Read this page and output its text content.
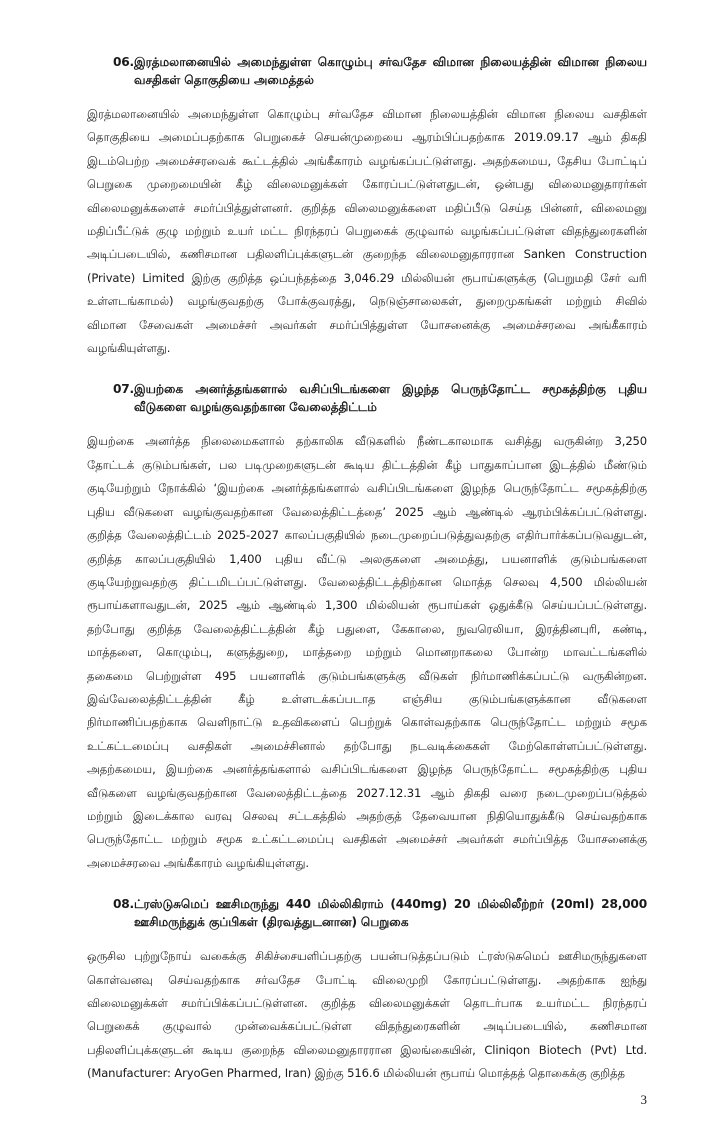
06. இரத்மலானையில் அமைந்துள்ள கொழும்பு சர்வதேச விமான நிலையத்தின் விமான நிலைய வசதிகள் தொகுதியை அமைத்தல்
இரத்மலானையில் அமைந்துள்ள கொழும்பு சர்வதேச விமான நிலையத்தின் விமான நிலைய வசதிகள்
தொகுதியை அமைப்பதற்காக பெறுகைச் செயன்முறையை ஆரம்பிப்பதற்காக 2019.09.17 ஆம் திகதி
இடம்பெற்ற அமைச்சரவைக் கூட்டத்தில் அங்கீகாரம் வழங்கப்பட்டுள்ளது. அதற்கமைய, தேசிய போட்டிப்
பெறுகை முறைமையின் கீழ் விலைமனுக்கள் கோரப்பட்டுள்ளதுடன், ஒன்பது விலைமனுதாரர்கள்
விலைமனுக்களைச் சமர்ப்பித்துள்ளனர். குறித்த விலைமனுக்களை மதிப்பீடு செய்த பின்னர், விலைமனு
மதிப்பீட்டுக் குழு மற்றும் உயர் மட்ட நிரந்தரப் பெறுகைக் குழுவால் வழங்கப்பட்டுள்ள விதந்துரைகளின்
அடிப்படையில், கணிசமான பதிலளிப்புக்களுடன் குறைந்த விலைமனுதாரரான Sanken Construction
(Private) Limited இற்கு குறித்த ஒப்பந்தத்தை 3,046.29 மில்லியன் ரூபாய்களுக்கு (பெறுமதி சேர் வரி
உள்ளடங்காமல்) வழங்குவதற்கு போக்குவரத்து, நெடுஞ்சாலைகள், துறைமுகங்கள் மற்றும் சிவில்
விமான சேவைகள் அமைச்சர் அவர்கள் சமர்ப்பித்துள்ள யோசனைக்கு அமைச்சரவை அங்கீகாரம்
வழங்கியுள்ளது.
07. இயற்கை அனர்த்தங்களால் வசிப்பிடங்களை இழந்த பெருந்தோட்ட சமூகத்திற்கு புதிய வீடுகளை வழங்குவதற்கான வேலைத்திட்டம்
இயற்கை அனர்த்த நிலைமைகளால் தற்காலிக வீடுகளில் நீண்டகாலமாக வசித்து வருகின்ற 3,250
தோட்டக் குடும்பங்கள், பல படிமுறைகளுடன் கூடிய திட்டத்தின் கீழ் பாதுகாப்பான இடத்தில் மீண்டும்
குடியேற்றும் நோக்கில் ‘இயற்கை அனர்த்தங்களால் வசிப்பிடங்களை இழந்த பெருந்தோட்ட சமூகத்திற்கு
புதிய வீடுகளை வழங்குவதற்கான வேலைத்திட்டத்தை’ 2025 ஆம் ஆண்டில் ஆரம்பிக்கப்பட்டுள்ளது.
குறித்த வேலைத்திட்டம் 2025-2027 காலப்பகுதியில் நடைமுறைப்படுத்துவதற்கு எதிர்பார்க்கப்படுவதுடன்,
குறித்த காலப்பகுதியில் 1,400 புதிய வீட்டு அலகுகளை அமைத்து, பயனாளிக் குடும்பங்களை
குடியேற்றுவதற்கு திட்டமிடப்பட்டுள்ளது. வேலைத்திட்டத்திற்கான மொத்த செலவு 4,500 மில்லியன்
ரூபாய்களாவதுடன், 2025 ஆம் ஆண்டில் 1,300 மில்லியன் ரூபாய்கள் ஒதுக்கீடு செய்யப்பட்டுள்ளது.
தற்போது குறித்த வேலைத்திட்டத்தின் கீழ் பதுளை, கேகாலை, நுவரெலியா, இரத்தினபுரி, கண்டி,
மாத்தளை, கொழும்பு, களுத்துறை, மாத்தறை மற்றும் மொனறாகலை போன்ற மாவட்டங்களில்
தகைமை பெற்றுள்ள 495 பயனாளிக் குடும்பங்களுக்கு வீடுகள் நிர்மாணிக்கப்பட்டு வருகின்றன.
இவ்வேலைத்திட்டத்தின் கீழ் உள்ளடக்கப்படாத எஞ்சிய குடும்பங்களுக்கான வீடுகளை
நிர்மாணிப்பதற்காக வெளிநாட்டு உதவிகளைப் பெற்றுக் கொள்வதற்காக பெருந்தோட்ட மற்றும் சமூக
உட்கட்டமைப்பு வசதிகள் அமைச்சினால் தற்போது நடவடிக்கைகள் மேற்கொள்ளப்பட்டுள்ளது.
அதற்கமைய, இயற்கை அனர்த்தங்களால் வசிப்பிடங்களை இழந்த பெருந்தோட்ட சமூகத்திற்கு புதிய
வீடுகளை வழங்குவதற்கான வேலைத்திட்டத்தை 2027.12.31 ஆம் திகதி வரை நடைமுறைப்படுத்தல்
மற்றும் இடைக்கால வரவு செலவு சட்டகத்தில் அதற்குத் தேவையான நிதியொதுக்கீடு செய்வதற்காக
பெருந்தோட்ட மற்றும் சமூக உட்கட்டமைப்பு வசதிகள் அமைச்சர் அவர்கள் சமர்ப்பித்த யோசனைக்கு
அமைச்சரவை அங்கீகாரம் வழங்கியுள்ளது.
08. ட்ரஸ்டுசுமெப் ஊசிமருந்து 440 மில்லிகிராம் (440mg) 20 மில்லிலீற்றர் (20ml) 28,000 ஊசிமருந்துக் குப்பிகள் (திரவத்துடனான) பெறுகை
ஒருசில புற்றுநோய் வகைக்கு சிகிச்சையளிப்பதற்கு பயன்படுத்தப்படும் ட்ரஸ்டுசுமெப் ஊசிமருந்துகளை
கொள்வனவு செய்வதற்காக சர்வதேச போட்டி விலைமுறி கோரப்பட்டுள்ளது. அதற்காக ஐந்து
விலைமனுக்கள் சமர்ப்பிக்கப்பட்டுள்ளன. குறித்த விலைமனுக்கள் தொடர்பாக உயர்மட்ட நிரந்தரப்
பெறுகைக் குழுவால் முன்வைக்கப்பட்டுள்ள விதந்துரைகளின் அடிப்படையில், கணிசமான
பதிலளிப்புக்களுடன் கூடிய குறைந்த விலைமனுதாரரான இலங்கையின், Cliniqon Biotech (Pvt) Ltd.
(Manufacturer: AryoGen Pharmed, Iran) இற்கு 516.6 மில்லியன் ரூபாய் மொத்தத் தொகைக்கு குறித்த
3
